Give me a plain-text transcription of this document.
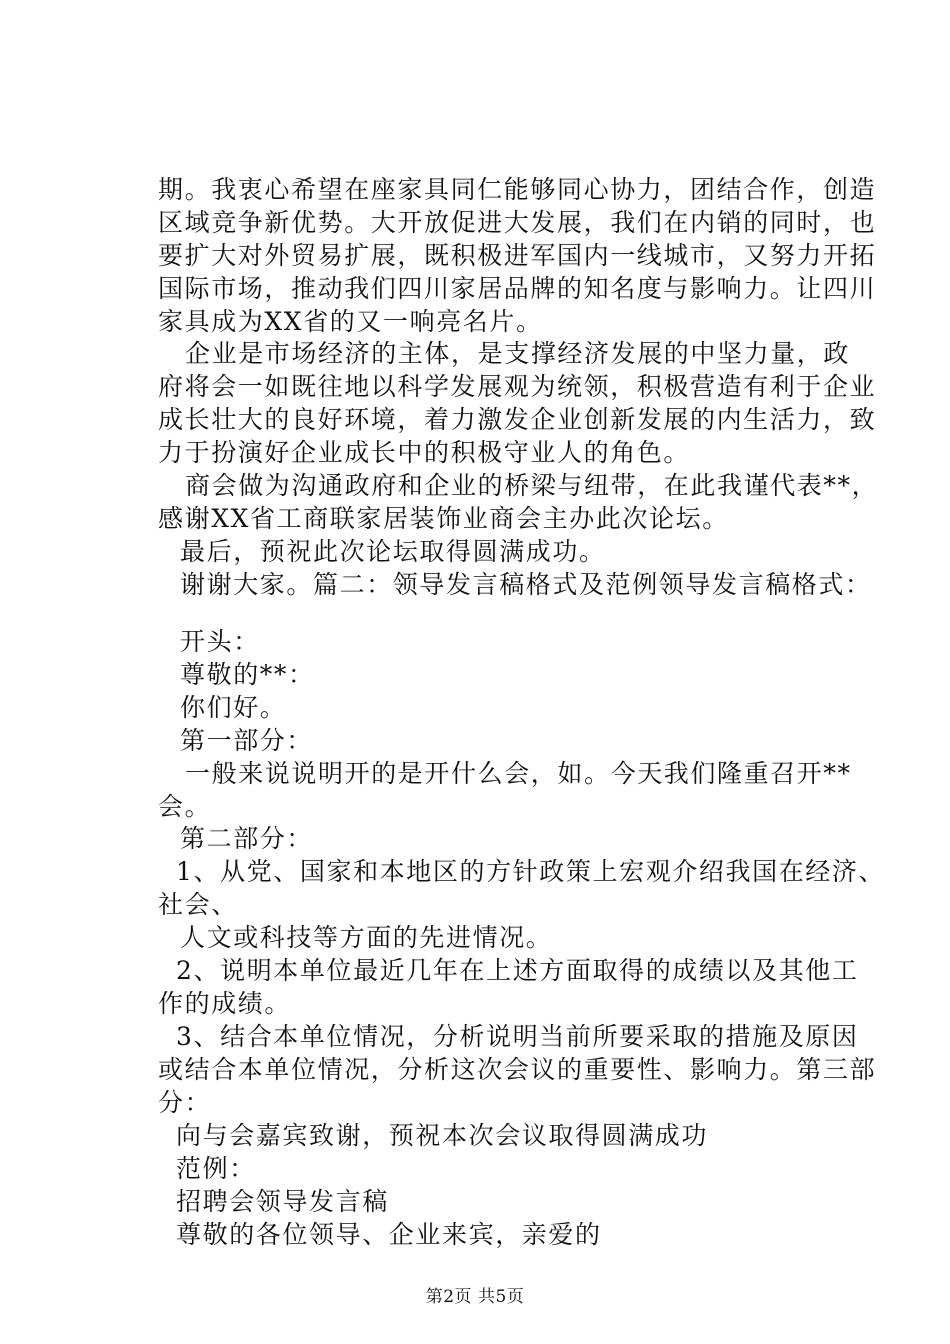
期。我衷心希望在座家具同仁能够同心协力，团结合作，创造
区域竞争新优势。大开放促进大发展，我们在内销的同时，也
要扩大对外贸易扩展，既积极进军国内一线城市，又努力开拓
国际市场，推动我们四川家居品牌的知名度与影响力。让四川
家具成为XX省的又一响亮名片。
企业是市场经济的主体，是支撑经济发展的中坚力量，政
府将会一如既往地以科学发展观为统领，积极营造有利于企业
成长壮大的良好环境，着力激发企业创新发展的内生活力，致
力于扮演好企业成长中的积极守业人的角色。
商会做为沟通政府和企业的桥梁与纽带，在此我谨代表**，
感谢XX省工商联家居装饰业商会主办此次论坛。
最后，预祝此次论坛取得圆满成功。
谢谢大家。篇二：领导发言稿格式及范例领导发言稿格式：
开头：
尊敬的**：
你们好。
第一部分：
一般来说说明开的是开什么会，如。今天我们隆重召开**
会。
第二部分：
1、从党、国家和本地区的方针政策上宏观介绍我国在经济、
社会、
人文或科技等方面的先进情况。
2、说明本单位最近几年在上述方面取得的成绩以及其他工
作的成绩。
3、结合本单位情况，分析说明当前所要采取的措施及原因
或结合本单位情况，分析这次会议的重要性、影响力。第三部
分：
向与会嘉宾致谢，预祝本次会议取得圆满成功
范例：
招聘会领导发言稿
尊敬的各位领导、企业来宾，亲爱的
第2页 共5页
